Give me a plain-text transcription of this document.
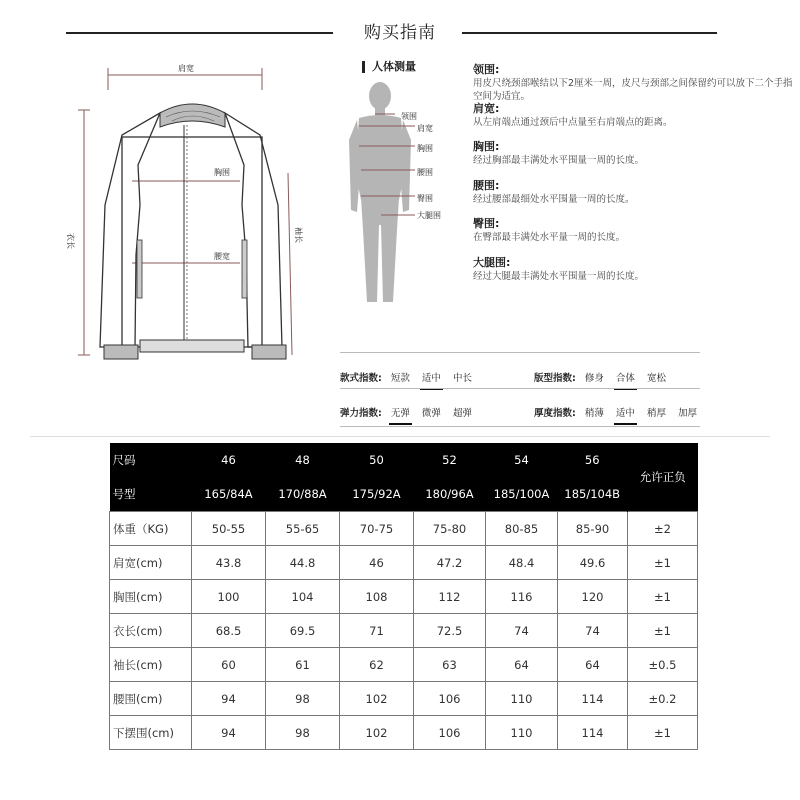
购买指南
肩宽
胸围
腰宽
衣长	袖长
人体测量
领围
肩宽
胸围
腰围
臀围
大腿围
领围:
用皮尺绕颈部喉结以下2厘米一周，皮尺与颈部之间保留约可以放下二个手指空间为适宜。
肩宽:
从左肩端点通过颈后中点量至右肩端点的距离。
胸围:
经过胸部最丰满处水平围量一周的长度。
腰围:
经过腰部最细处水平围量一周的长度。
臀围:
在臀部最丰满处水平量一周的长度。
大腿围:
经过大腿最丰满处水平围量一周的长度。
款式指数: 短款 适中 中长	版型指数: 修身 合体 宽松
弹力指数: 无弹 微弹 超弹	厚度指数: 稍薄 适中 稍厚 加厚
尺码	46	48	50	52	54	56	允许正负
号型	165/84A	170/88A	175/92A	180/96A	185/100A	185/104B	
体重（KG)	50-55	55-65	70-75	75-80	80-85	85-90	±2
肩宽(cm)	43.8	44.8	46	47.2	48.4	49.6	±1
胸围(cm)	100	104	108	112	116	120	±1
衣长(cm)	68.5	69.5	71	72.5	74	74	±1
袖长(cm)	60	61	62	63	64	64	±0.5
腰围(cm)	94	98	102	106	110	114	±0.2
下摆围(cm)	94	98	102	106	110	114	±1
